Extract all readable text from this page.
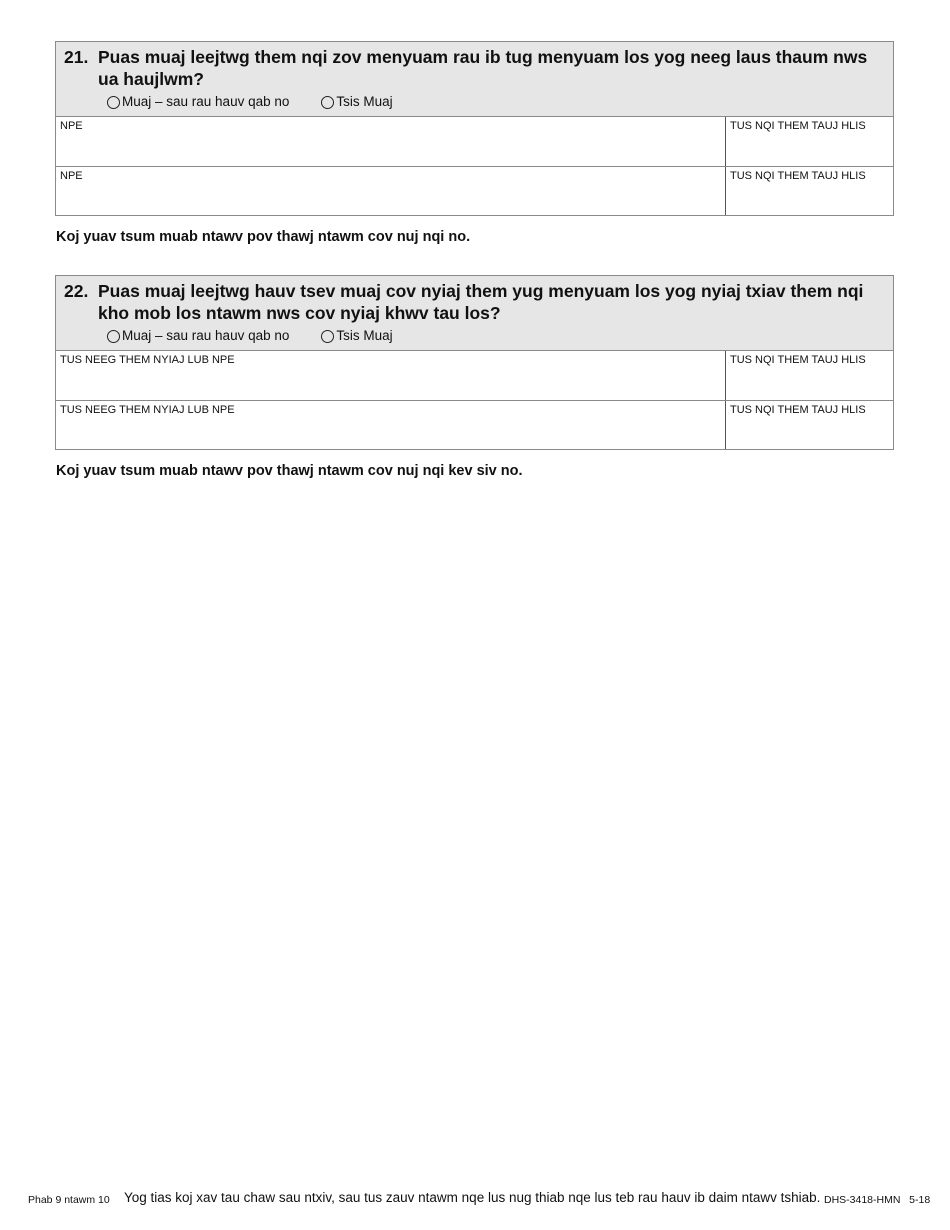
21. Puas muaj leejtwg them nqi zov menyuam rau ib tug menyuam los yog neeg laus thaum nws ua haujlwm?
Muaj – sau rau hauv qab no	Tsis Muaj
NPE	TUS NQI THEM TAUJ HLIS
NPE	TUS NQI THEM TAUJ HLIS
Koj yuav tsum muab ntawv pov thawj ntawm cov nuj nqi no.
22. Puas muaj leejtwg hauv tsev muaj cov nyiaj them yug menyuam los yog nyiaj txiav them nqi kho mob los ntawm nws cov nyiaj khwv tau los?
Muaj – sau rau hauv qab no	Tsis Muaj
TUS NEEG THEM NYIAJ LUB NPE	TUS NQI THEM TAUJ HLIS
TUS NEEG THEM NYIAJ LUB NPE	TUS NQI THEM TAUJ HLIS
Koj yuav tsum muab ntawv pov thawj ntawm cov nuj nqi kev siv no.
Phab 9 ntawm 10 Yog tias koj xav tau chaw sau ntxiv, sau tus zauv ntawm nqe lus nug thiab nqe lus teb rau hauv ib daim ntawv tshiab. DHS-3418-HMN   5-18
